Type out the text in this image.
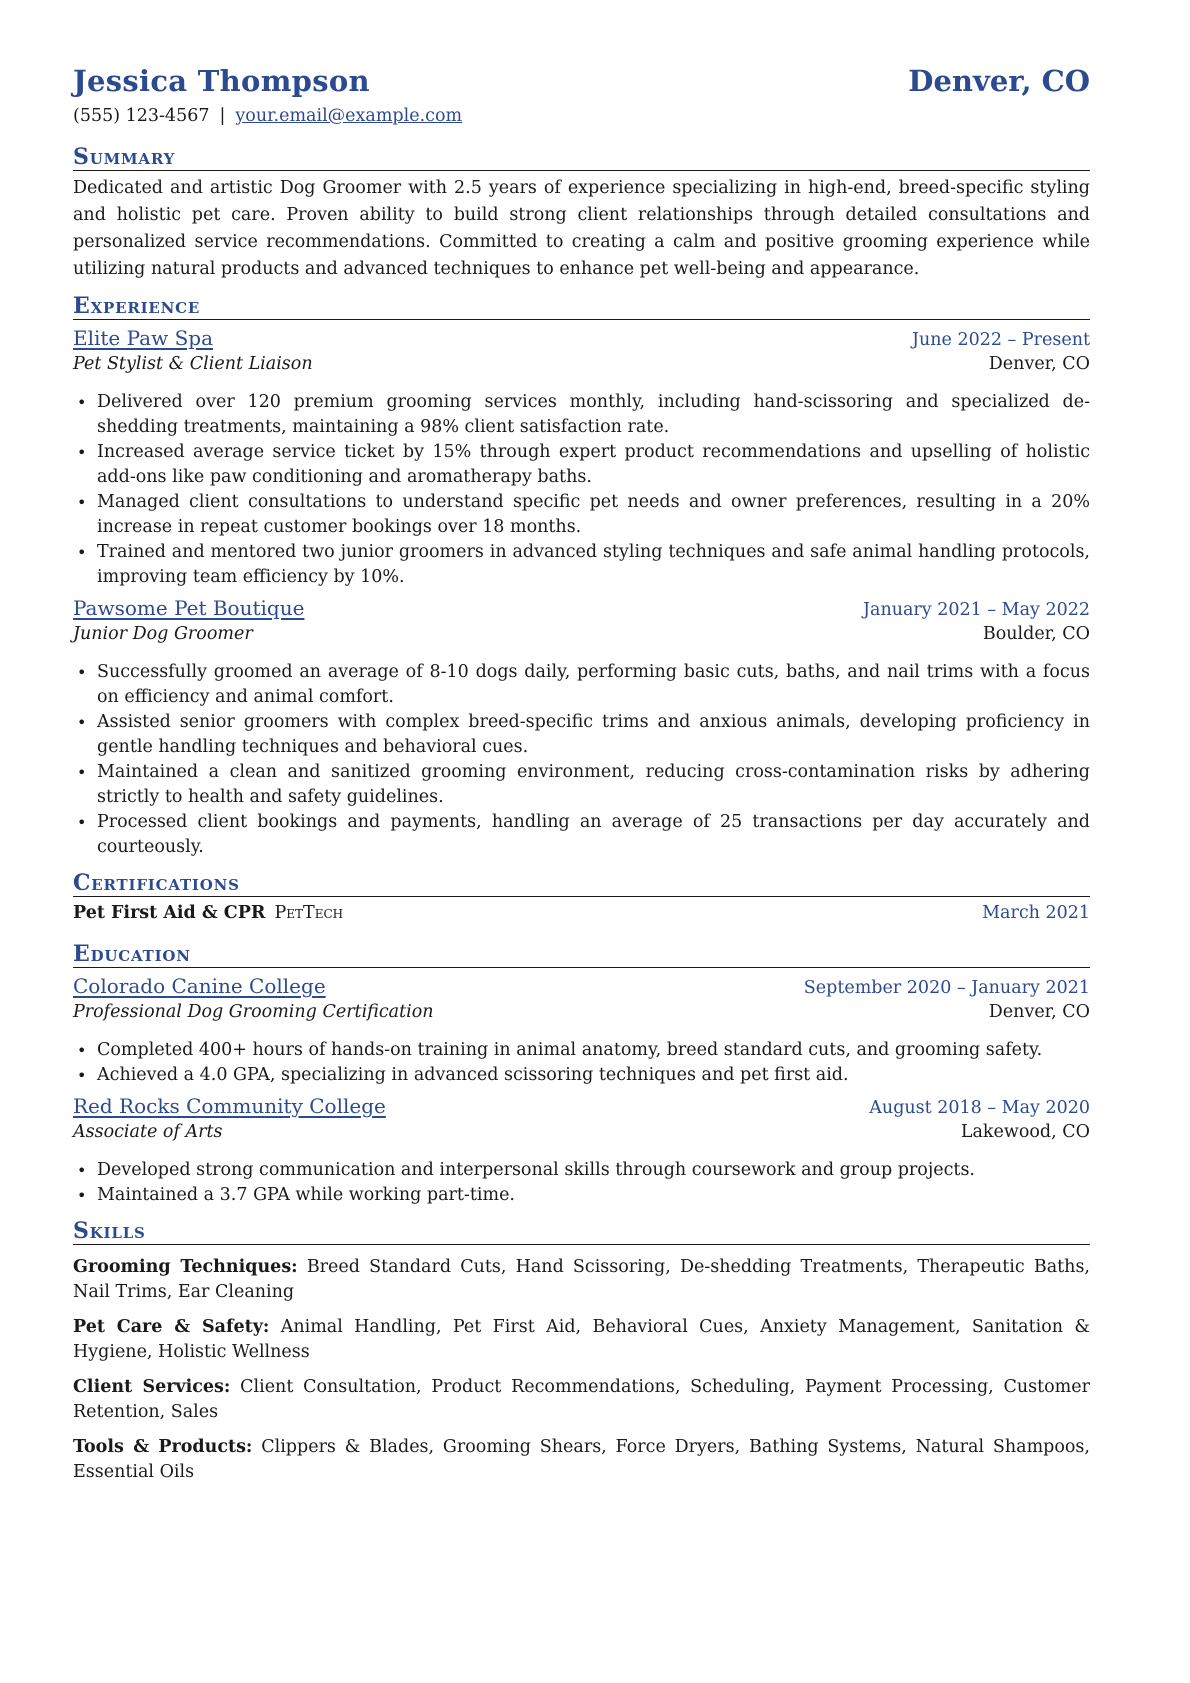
Jessica Thompson	Denver, CO
(555) 123-4567 | your.email@example.com
Summary

Dedicated and artistic Dog Groomer with 2.5 years of experience specializing in high-end, breed-specific styling and holistic pet care. Proven ability to build strong client relationships through detailed consultations and personalized service recommendations. Committed to creating a calm and positive grooming experience while utilizing natural products and advanced techniques to enhance pet well-being and appearance.

Experience
Elite Paw Spa	June 2022 – Present
Pet Stylist & Client Liaison	Denver, CO
• Delivered over 120 premium grooming services monthly, including hand-scissoring and specialized de-shedding treatments, maintaining a 98% client satisfaction rate.
• Increased average service ticket by 15% through expert product recommendations and upselling of holistic add-ons like paw conditioning and aromatherapy baths.
• Managed client consultations to understand specific pet needs and owner preferences, resulting in a 20% increase in repeat customer bookings over 18 months.
• Trained and mentored two junior groomers in advanced styling techniques and safe animal handling protocols, improving team efficiency by 10%.
Pawsome Pet Boutique	January 2021 – May 2022
Junior Dog Groomer	Boulder, CO
• Successfully groomed an average of 8-10 dogs daily, performing basic cuts, baths, and nail trims with a focus on efficiency and animal comfort.
• Assisted senior groomers with complex breed-specific trims and anxious animals, developing proficiency in gentle handling techniques and behavioral cues.
• Maintained a clean and sanitized grooming environment, reducing cross-contamination risks by adhering strictly to health and safety guidelines.
• Processed client bookings and payments, handling an average of 25 transactions per day accurately and courteously.
Certifications
Pet First Aid & CPR PetTech	March 2021
Education
Colorado Canine College	September 2020 – January 2021
Professional Dog Grooming Certification	Denver, CO
• Completed 400+ hours of hands-on training in animal anatomy, breed standard cuts, and grooming safety.
• Achieved a 4.0 GPA, specializing in advanced scissoring techniques and pet first aid.
Red Rocks Community College	August 2018 – May 2020
Associate of Arts	Lakewood, CO
• Developed strong communication and interpersonal skills through coursework and group projects.
• Maintained a 3.7 GPA while working part-time.
Skills
Grooming Techniques: Breed Standard Cuts, Hand Scissoring, De-shedding Treatments, Therapeutic Baths, Nail Trims, Ear Cleaning
Pet Care & Safety: Animal Handling, Pet First Aid, Behavioral Cues, Anxiety Management, Sanitation & Hygiene, Holistic Wellness
Client Services: Client Consultation, Product Recommendations, Scheduling, Payment Processing, Customer Retention, Sales
Tools & Products: Clippers & Blades, Grooming Shears, Force Dryers, Bathing Systems, Natural Shampoos, Essential Oils
